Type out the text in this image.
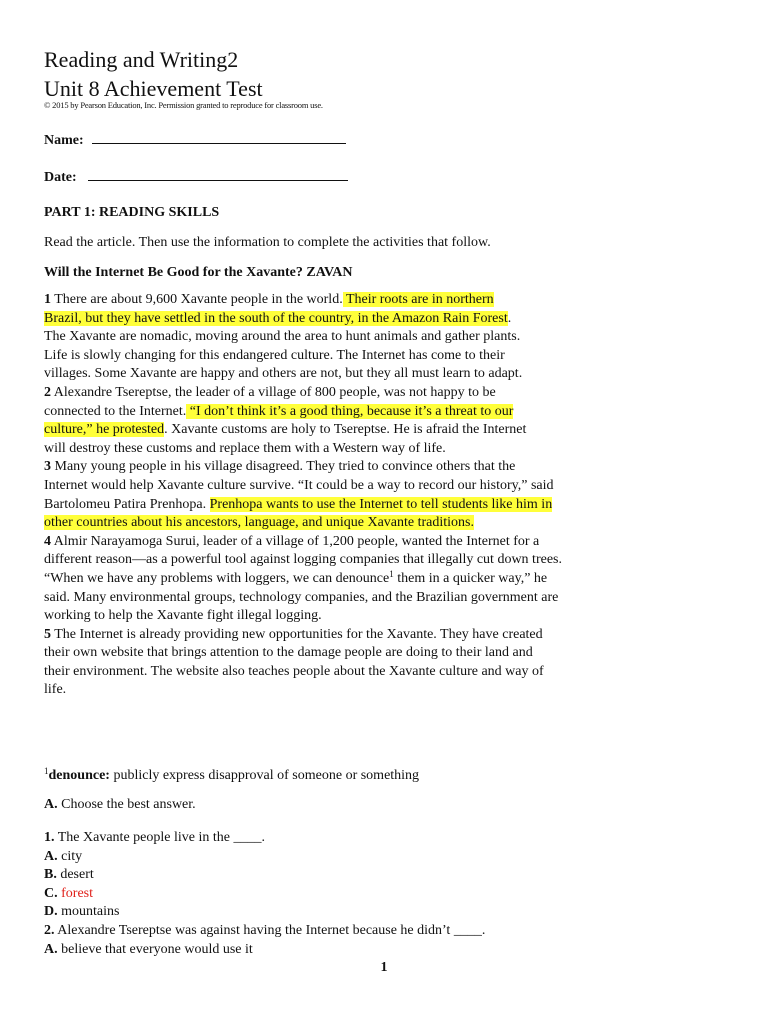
Reading and Writing2
Unit 8 Achievement Test
© 2015 by Pearson Education, Inc. Permission granted to reproduce for classroom use.
Name:
Date:
PART 1: READING SKILLS
Read the article. Then use the information to complete the activities that follow.
Will the Internet Be Good for the Xavante? ZAVAN

1 There are about 9,600 Xavante people in the world. Their roots are in northern Brazil, but they have settled in the south of the country, in the Amazon Rain Forest. The Xavante are nomadic, moving around the area to hunt animals and gather plants. Life is slowly changing for this endangered culture. The Internet has come to their villages. Some Xavante are happy and others are not, but they all must learn to adapt.

2 Alexandre Tsereptse, the leader of a village of 800 people, was not happy to be connected to the Internet. “I don’t think it’s a good thing, because it’s a threat to our culture,” he protested. Xavante customs are holy to Tsereptse. He is afraid the Internet will destroy these customs and replace them with a Western way of life.

3 Many young people in his village disagreed. They tried to convince others that the Internet would help Xavante culture survive. “It could be a way to record our history,” said Bartolomeu Patira Prenhopa. Prenhopa wants to use the Internet to tell students like him in other countries about his ancestors, language, and unique Xavante traditions.

4 Almir Narayamoga Surui, leader of a village of 1,200 people, wanted the Internet for a different reason—as a powerful tool against logging companies that illegally cut down trees. “When we have any problems with loggers, we can denounce$^1$ them in a quicker way,” he said. Many environmental groups, technology companies, and the Brazilian government are working to help the Xavante fight illegal logging.

5 The Internet is already providing new opportunities for the Xavante. They have created their own website that brings attention to the damage people are doing to their land and their environment. The website also teaches people about the Xavante culture and way of life.

$^1$denounce: publicly express disapproval of someone or something
A. Choose the best answer.
1. The Xavante people live in the ____.
A. city
B. desert
C. forest
D. mountains
2. Alexandre Tsereptse was against having the Internet because he didn’t ____.
A. believe that everyone would use it
1
